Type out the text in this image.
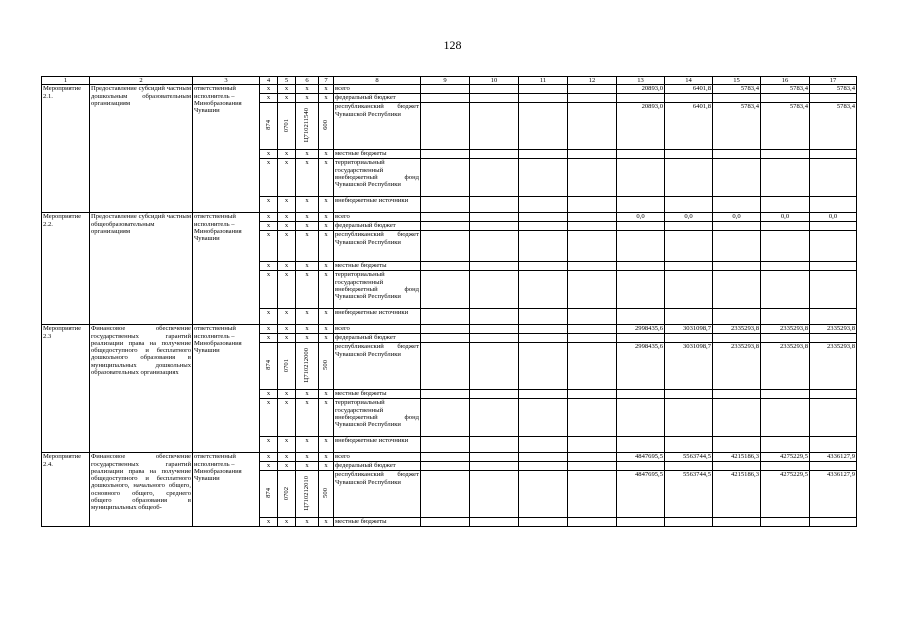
128
1	2	3	4	5	6	7	8	9	10	11	12	13	14	15	16	17
Мероприятие 2.1.	Предоставление субсидий частным дошкольным образовательным организациям	ответственный исполнитель – Минобразования Чувашии	х	х	х	х	всего					20893,0	6401,8	5783,4	5783,4	5783,4
			х	х	х	х	федеральный бюджет									
			874	0701	Ц710211540	600	республиканский бюджет Чувашской Республики					20893,0	6401,8	5783,4	5783,4	5783,4
			х	х	х	х	местные бюджеты									
			х	х	х	х	территориальный государственный внебюджетный фонд Чувашской Республики									
			х	х	х	х	внебюджетные источники									
Мероприятие 2.2.	Предоставление субсидий частным общеобразовательным организациям	ответственный исполнитель – Минобразования Чувашии	х	х	х	х	всего					0,0	0,0	0,0	0,0	0,0
			х	х	х	х	федеральный бюджет									
			х	х	х	х	республиканский бюджет Чувашской Республики									
			х	х	х	х	местные бюджеты									
			х	х	х	х	территориальный государственный внебюджетный фонд Чувашской Республики									
			х	х	х	х	внебюджетные источники									
Мероприятие 2.3	Финансовое обеспечение государственных гарантий реализации права на получение общедоступного и бесплатного дошкольного образования в муниципальных дошкольных образовательных организациях	ответственный исполнитель – Минобразования Чувашии	х	х	х	х	всего					2998435,6	3031098,7	2335293,8	2335293,8	2335293,8
			х	х	х	х	федеральный бюджет									
			874	0701	Ц710212000	500	республиканский бюджет Чувашской Республики					2998435,6	3031098,7	2335293,8	2335293,8	2335293,8
			х	х	х	х	местные бюджеты									
			х	х	х	х	территориальный государственный внебюджетный фонд Чувашской Республики									
			х	х	х	х	внебюджетные источники									
Мероприятие 2.4.	Финансовое обеспечение государственных гарантий реализации права на получение общедоступного и бесплатного дошкольного, начального общего, основного общего, среднего общего образования в муниципальных общеоб-	ответственный исполнитель – Минобразования Чувашии	х	х	х	х	всего					4847695,5	5563744,5	4215186,3	4275229,5	4336127,9
			х	х	х	х	федеральный бюджет									
			874	0702	Ц710212010	500	республиканский бюджет Чувашской Республики					4847695,5	5563744,5	4215186,3	4275229,5	4336127,9
			х	х	х	х	местные бюджеты									
